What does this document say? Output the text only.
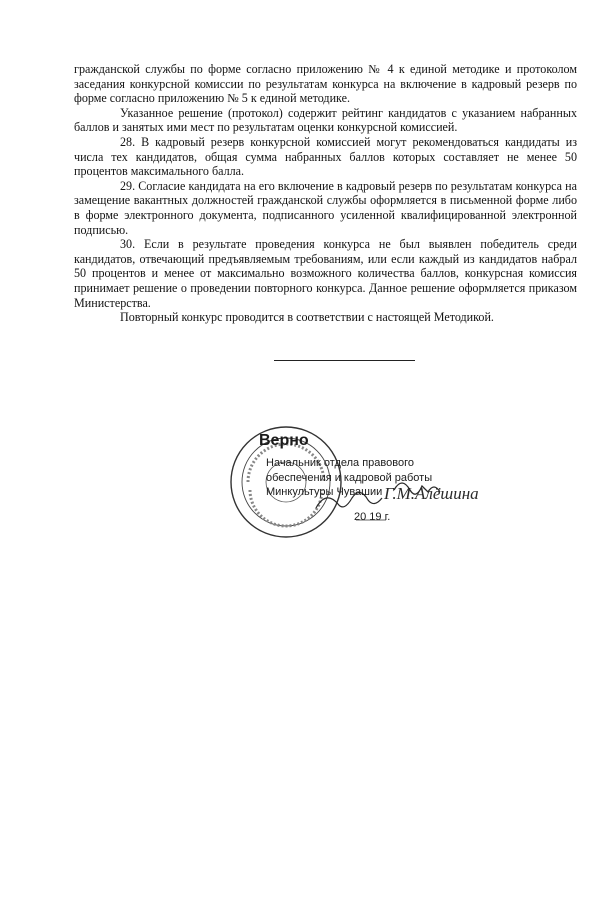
гражданской службы по форме согласно приложению № 4 к единой методике и протоколом заседания конкурсной комиссии по результатам конкурса на включение в кадровый резерв по форме согласно приложению № 5 к единой методике.

Указанное решение (протокол) содержит рейтинг кандидатов с указанием набранных баллов и занятых ими мест по результатам оценки конкурсной комиссией.

28. В кадровый резерв конкурсной комиссией могут рекомендоваться кандидаты из числа тех кандидатов, общая сумма набранных баллов которых составляет не менее 50 процентов максимального балла.

29. Согласие кандидата на его включение в кадровый резерв по результатам конкурса на замещение вакантных должностей гражданской службы оформляется в письменной форме либо в форме электронного документа, подписанного усиленной квалифицированной электронной подписью.

30. Если в результате проведения конкурса не был выявлен победитель среди кандидатов, отвечающий предъявляемым требованиям, или если каждый из кандидатов набрал 50 процентов и менее от максимально возможного количества баллов, конкурсная комиссия принимает решение о проведении повторного конкурса. Данное решение оформляется приказом Министерства.

Повторный конкурс проводится в соответствии с настоящей Методикой.

Верно
Начальник отдела правового
обеспечения и кадровой работы
Минкультуры Чувашии
20 19 г.
Г.М.Алёшина
